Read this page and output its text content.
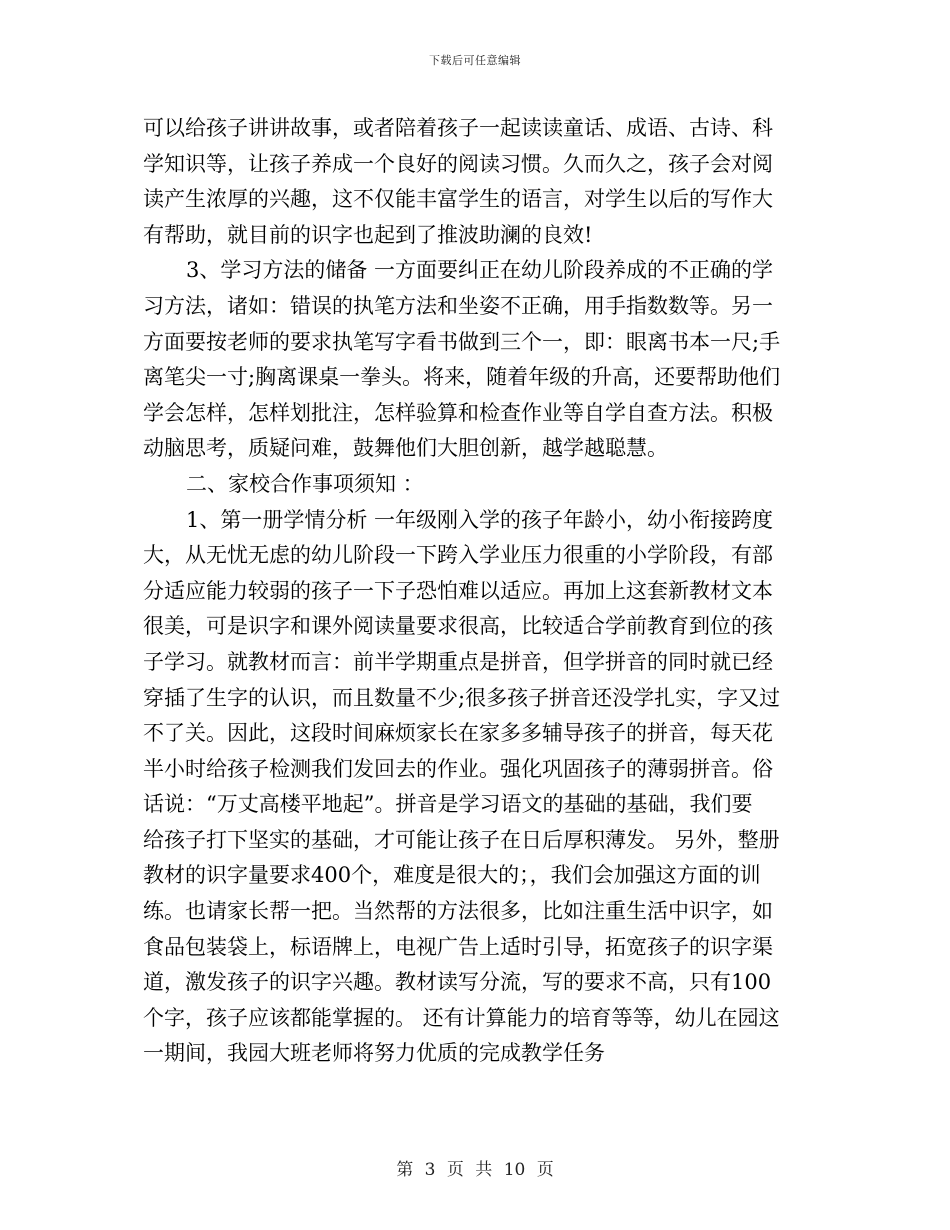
下载后可任意编辑
可以给孩子讲讲故事，或者陪着孩子一起读读童话、成语、古诗、科
学知识等，让孩子养成一个良好的阅读习惯。久而久之，孩子会对阅
读产生浓厚的兴趣，这不仅能丰富学生的语言，对学生以后的写作大
有帮助，就目前的识字也起到了推波助澜的良效!
3、学习方法的储备 一方面要纠正在幼儿阶段养成的不正确的学
习方法，诸如：错误的执笔方法和坐姿不正确，用手指数数等。另一
方面要按老师的要求执笔写字看书做到三个一，即：眼离书本一尺;手
离笔尖一寸;胸离课桌一拳头。将来，随着年级的升高，还要帮助他们
学会怎样，怎样划批注，怎样验算和检查作业等自学自查方法。积极
动脑思考，质疑问难，鼓舞他们大胆创新，越学越聪慧。
二、家校合作事项须知 ：
1、第一册学情分析 一年级刚入学的孩子年龄小，幼小衔接跨度
大，从无忧无虑的幼儿阶段一下跨入学业压力很重的小学阶段，有部
分适应能力较弱的孩子一下子恐怕难以适应。再加上这套新教材文本
很美，可是识字和课外阅读量要求很高，比较适合学前教育到位的孩
子学习。就教材而言：前半学期重点是拼音，但学拼音的同时就已经
穿插了生字的认识，而且数量不少;很多孩子拼音还没学扎实，字又过
不了关。因此，这段时间麻烦家长在家多多辅导孩子的拼音，每天花
半小时给孩子检测我们发回去的作业。强化巩固孩子的薄弱拼音。俗
话说：“万丈高楼平地起”。拼音是学习语文的基础的基础，我们要
给孩子打下坚实的基础，才可能让孩子在日后厚积薄发。 另外，整册
教材的识字量要求400个，难度是很大的；，我们会加强这方面的训
练。也请家长帮一把。当然帮的方法很多，比如注重生活中识字，如
食品包装袋上，标语牌上，电视广告上适时引导，拓宽孩子的识字渠
道，激发孩子的识字兴趣。教材读写分流，写的要求不高，只有100
个字，孩子应该都能掌握的。 还有计算能力的培育等等，幼儿在园这
一期间，我园大班老师将努力优质的完成教学任务
第 3 页 共 10 页
